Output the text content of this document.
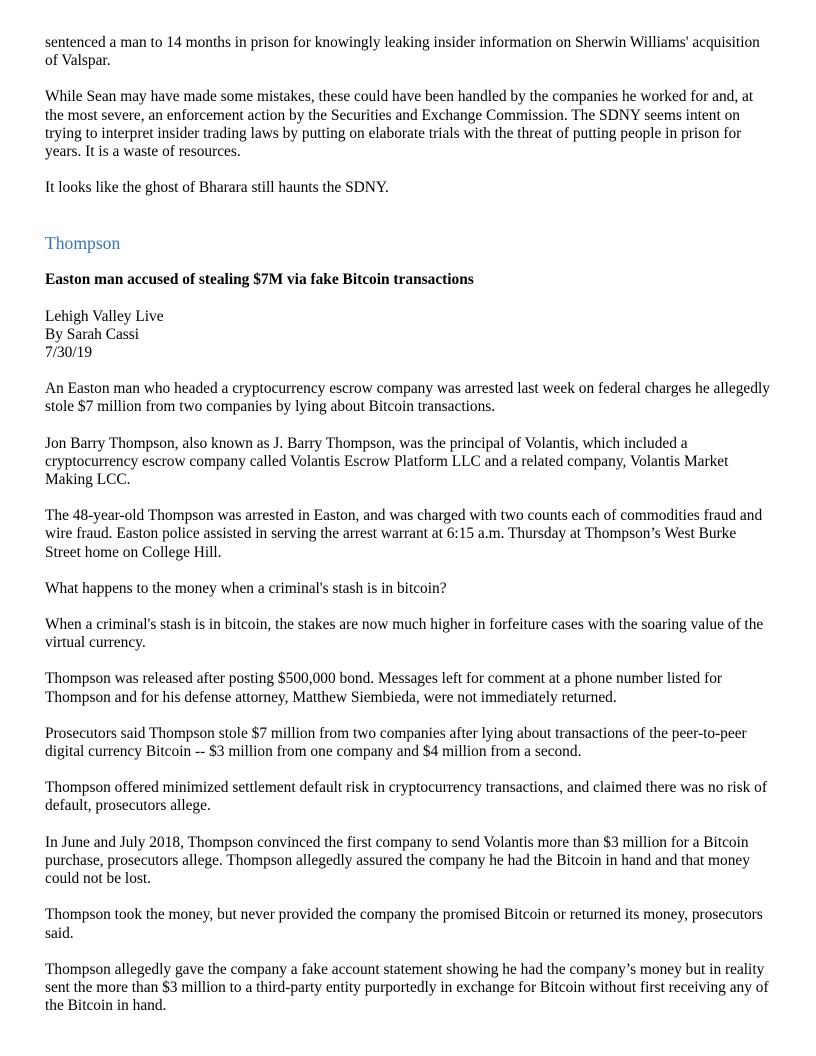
sentenced a man to 14 months in prison for knowingly leaking insider information on Sherwin Williams' acquisition of Valspar.

While Sean may have made some mistakes, these could have been handled by the companies he worked for and, at the most severe, an enforcement action by the Securities and Exchange Commission. The SDNY seems intent on trying to interpret insider trading laws by putting on elaborate trials with the threat of putting people in prison for years. It is a waste of resources.

It looks like the ghost of Bharara still haunts the SDNY.

Thompson
Easton man accused of stealing $7M via fake Bitcoin transactions
Lehigh Valley Live
By Sarah Cassi
7/30/19

An Easton man who headed a cryptocurrency escrow company was arrested last week on federal charges he allegedly stole $7 million from two companies by lying about Bitcoin transactions.

Jon Barry Thompson, also known as J. Barry Thompson, was the principal of Volantis, which included a cryptocurrency escrow company called Volantis Escrow Platform LLC and a related company, Volantis Market Making LCC.

The 48-year-old Thompson was arrested in Easton, and was charged with two counts each of commodities fraud and wire fraud. Easton police assisted in serving the arrest warrant at 6:15 a.m. Thursday at Thompson’s West Burke Street home on College Hill.

What happens to the money when a criminal's stash is in bitcoin?

When a criminal's stash is in bitcoin, the stakes are now much higher in forfeiture cases with the soaring value of the virtual currency.

Thompson was released after posting $500,000 bond. Messages left for comment at a phone number listed for Thompson and for his defense attorney, Matthew Siembieda, were not immediately returned.

Prosecutors said Thompson stole $7 million from two companies after lying about transactions of the peer-to-peer digital currency Bitcoin -- $3 million from one company and $4 million from a second.

Thompson offered minimized settlement default risk in cryptocurrency transactions, and claimed there was no risk of default, prosecutors allege.

In June and July 2018, Thompson convinced the first company to send Volantis more than $3 million for a Bitcoin purchase, prosecutors allege. Thompson allegedly assured the company he had the Bitcoin in hand and that money could not be lost.

Thompson took the money, but never provided the company the promised Bitcoin or returned its money, prosecutors said.

Thompson allegedly gave the company a fake account statement showing he had the company’s money but in reality sent the more than $3 million to a third-party entity purportedly in exchange for Bitcoin without first receiving any of the Bitcoin in hand.
